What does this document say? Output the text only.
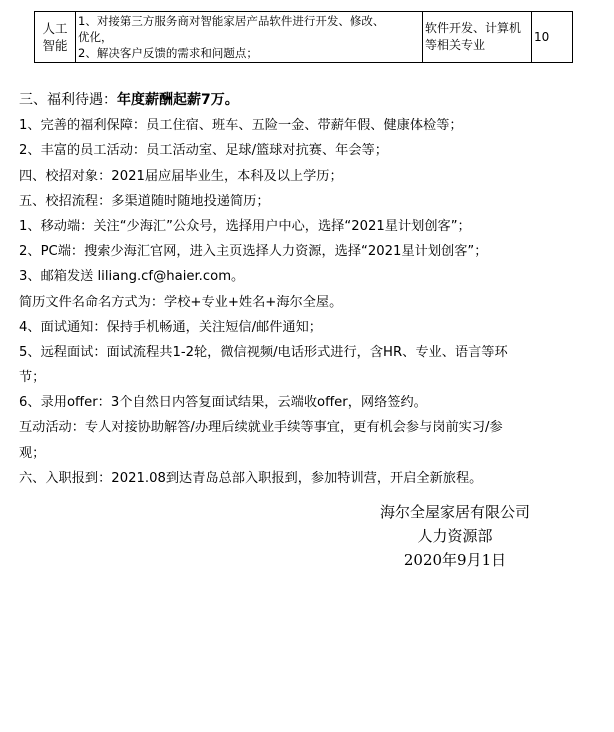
人工
智能

1、对接第三方服务商对智能家居产品软件进行开发、修改、
优化，
2、解决客户反馈的需求和问题点；

软件开发、计算机
等相关专业
	10
三、福利待遇：年度薪酬起薪7万。
1、完善的福利保障：员工住宿、班车、五险一金、带薪年假、健康体检等；
2、丰富的员工活动：员工活动室、足球/篮球对抗赛、年会等；
四、校招对象：2021届应届毕业生，本科及以上学历；
五、校招流程：多渠道随时随地投递简历；
1、移动端：关注“少海汇”公众号，选择用户中心，选择“2021星计划创客”；
2、PC端：搜索少海汇官网，进入主页选择人力资源，选择“2021星计划创客”；
3、邮箱发送 liliang.cf@haier.com。
简历文件名命名方式为：学校+专业+姓名+海尔全屋。
4、面试通知：保持手机畅通，关注短信/邮件通知；
5、远程面试：面试流程共1-2轮，微信视频/电话形式进行，含HR、专业、语言等环
节；
6、录用offer：3个自然日内答复面试结果，云端收offer，网络签约。
互动活动：专人对接协助解答/办理后续就业手续等事宜，更有机会参与岗前实习/参
观；
六、入职报到：2021.08到达青岛总部入职报到，参加特训营，开启全新旅程。
海尔全屋家居有限公司
人力资源部
2020年9月1日
